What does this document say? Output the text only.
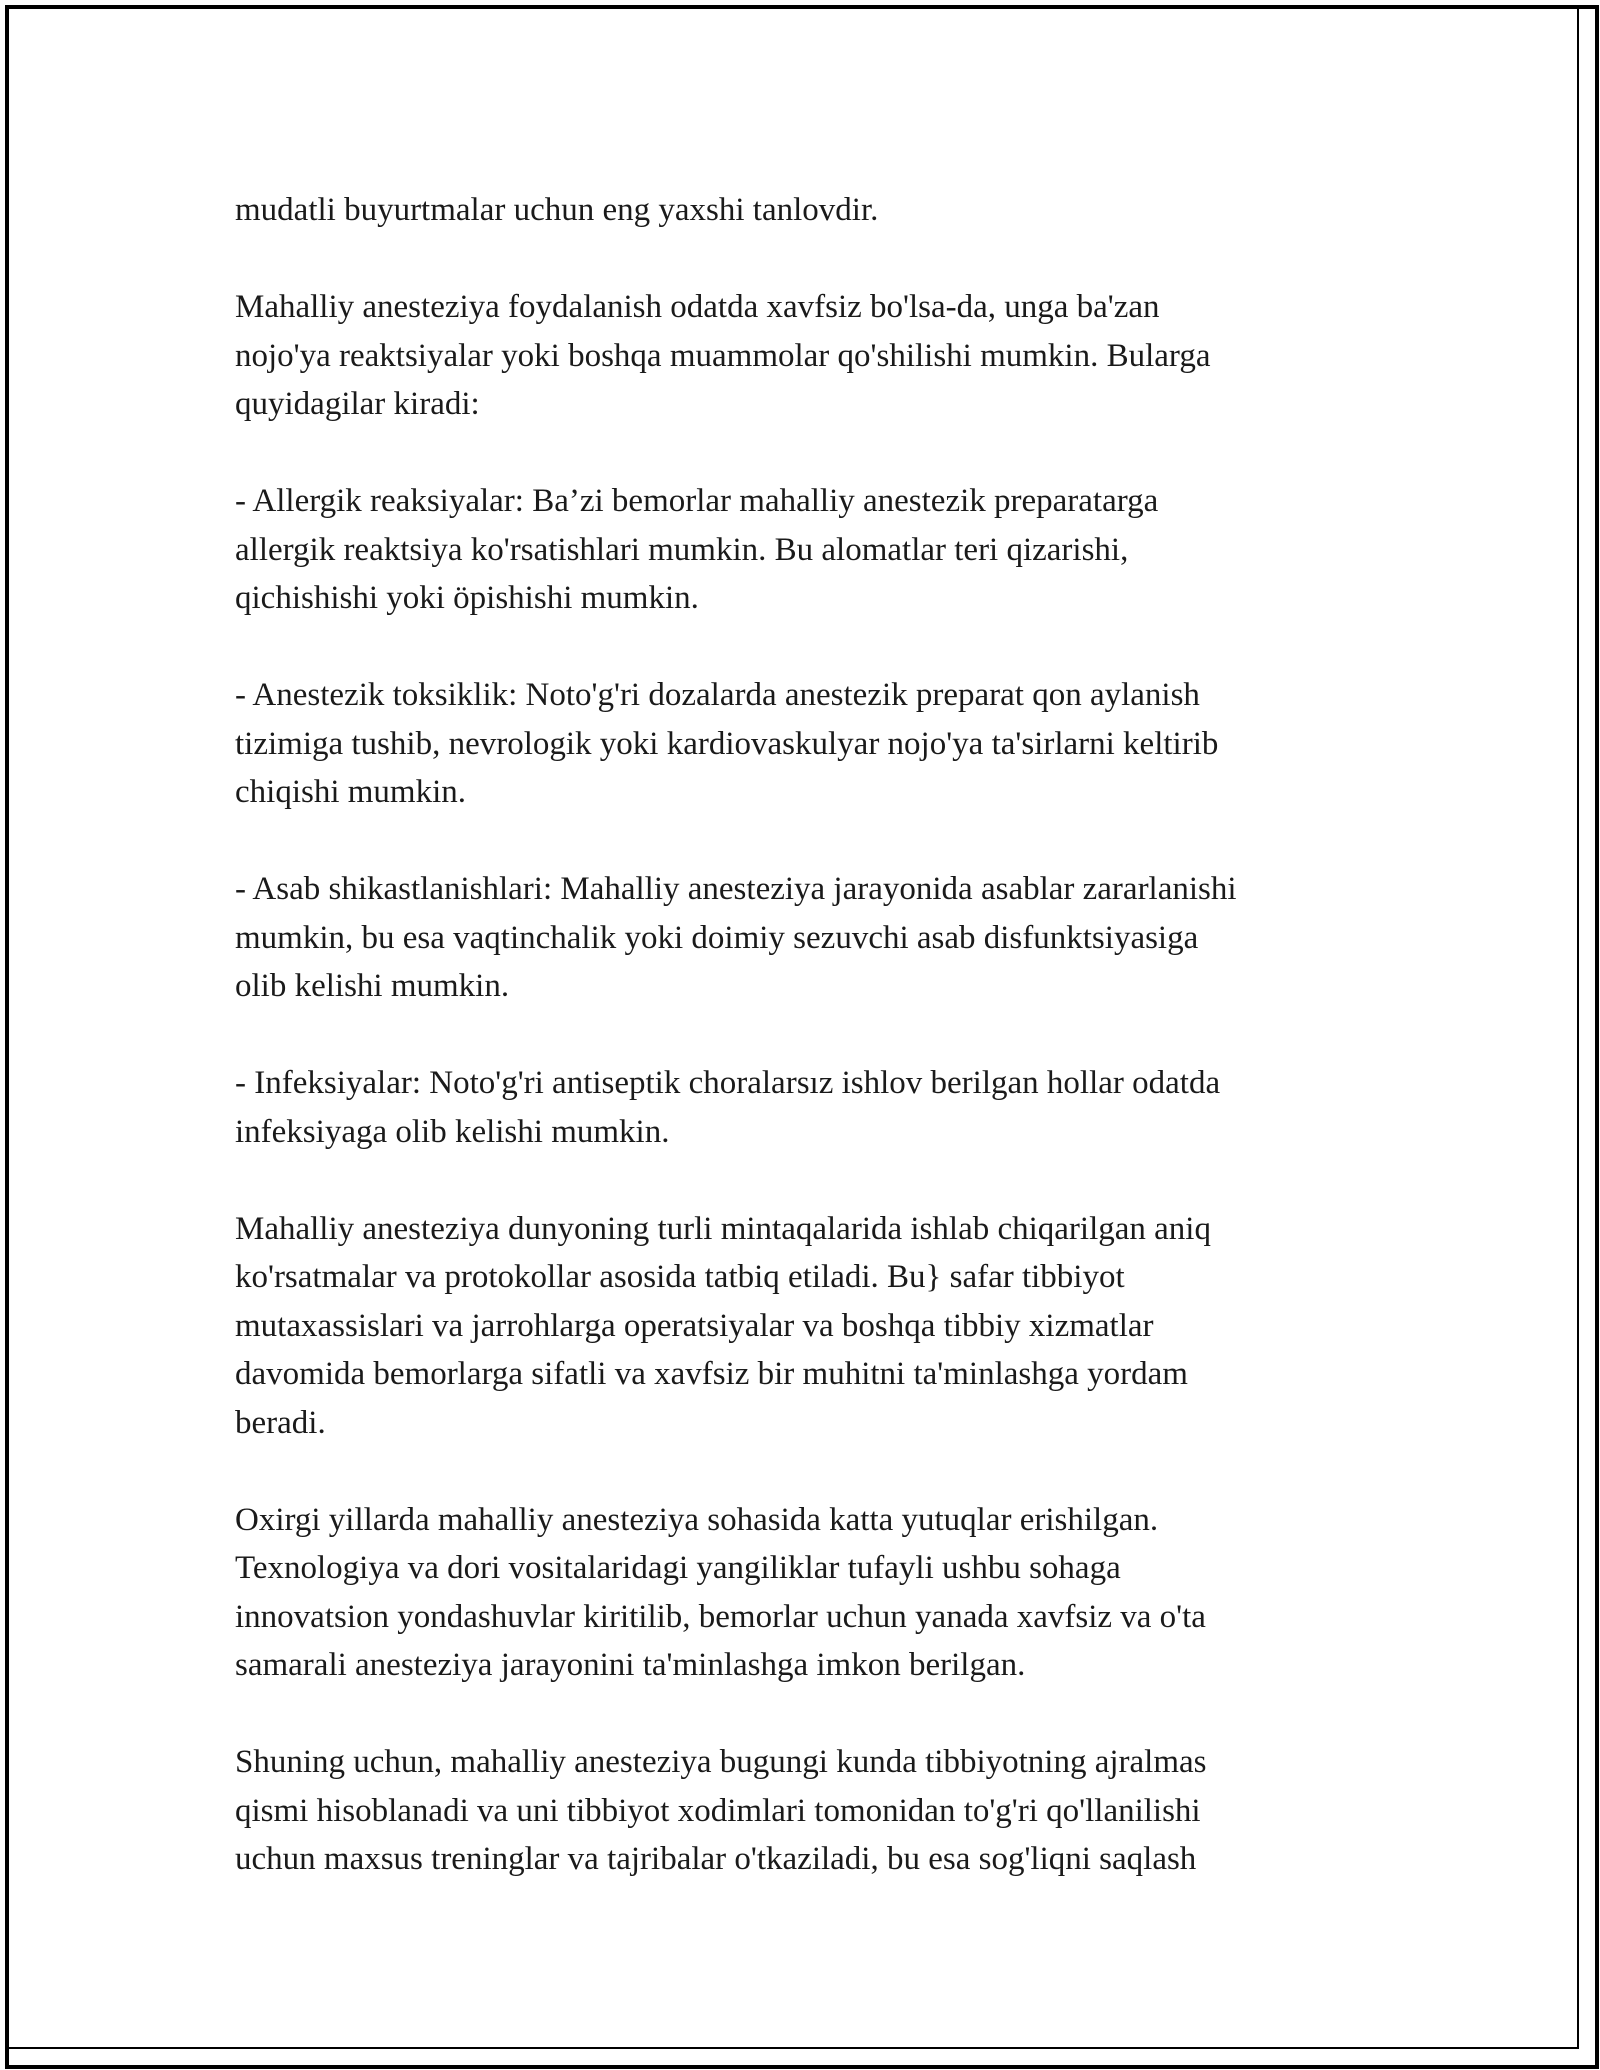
mudatli buyurtmalar uchun eng yaxshi tanlovdir.

Mahalliy anesteziya foydalanish odatda xavfsiz bo'lsa-da, unga ba'zan
nojo'ya reaktsiyalar yoki boshqa muammolar qo'shilishi mumkin. Bularga
quyidagilar kiradi:

- Allergik reaksiyalar: Ba’zi bemorlar mahalliy anestezik preparatarga
allergik reaktsiya ko'rsatishlari mumkin. Bu alomatlar teri qizarishi,
qichishishi yoki öpishishi mumkin.

- Anestezik toksiklik: Noto'g'ri dozalarda anestezik preparat qon aylanish
tizimiga tushib, nevrologik yoki kardiovaskulyar nojo'ya ta'sirlarni keltirib
chiqishi mumkin.

- Asab shikastlanishlari: Mahalliy anesteziya jarayonida asablar zararlanishi
mumkin, bu esa vaqtinchalik yoki doimiy sezuvchi asab disfunktsiyasiga
olib kelishi mumkin.

- Infeksiyalar: Noto'g'ri antiseptik choralarsız ishlov berilgan hollar odatda
infeksiyaga olib kelishi mumkin.

Mahalliy anesteziya dunyoning turli mintaqalarida ishlab chiqarilgan aniq
ko'rsatmalar va protokollar asosida tatbiq etiladi. Bu} safar tibbiyot
mutaxassislari va jarrohlarga operatsiyalar va boshqa tibbiy xizmatlar
davomida bemorlarga sifatli va xavfsiz bir muhitni ta'minlashga yordam
beradi.

Oxirgi yillarda mahalliy anesteziya sohasida katta yutuqlar erishilgan.
Texnologiya va dori vositalaridagi yangiliklar tufayli ushbu sohaga
innovatsion yondashuvlar kiritilib, bemorlar uchun yanada xavfsiz va o'ta
samarali anesteziya jarayonini ta'minlashga imkon berilgan.

Shuning uchun, mahalliy anesteziya bugungi kunda tibbiyotning ajralmas
qismi hisoblanadi va uni tibbiyot xodimlari tomonidan to'g'ri qo'llanilishi
uchun maxsus treninglar va tajribalar o'tkaziladi, bu esa sog'liqni saqlash
